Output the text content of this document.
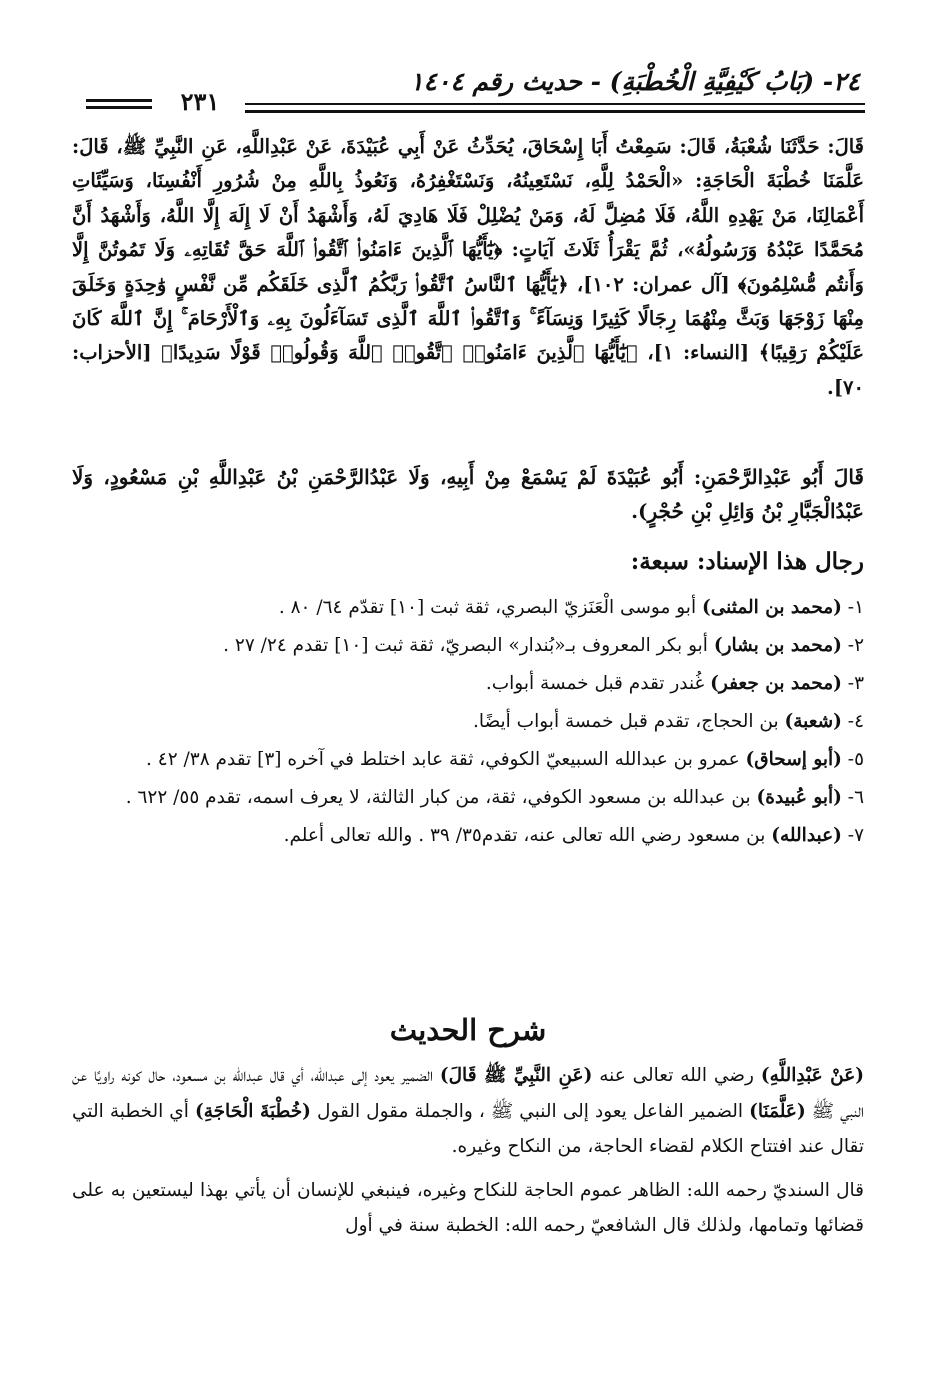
٢٤- (بَابُ كَيْفِيَّةِ الْخُطْبَةِ) - حديث رقم ١٤٠٤
٢٣١
قَالَ: حَدَّثَنَا شُعْبَةُ، قَالَ: سَمِعْتُ أَبَا إِسْحَاقَ، يُحَدِّثُ عَنْ أَبِي عُبَيْدَةَ، عَنْ عَبْدِاللَّهِ، عَنِ النَّبِيِّ ﷺ، قَالَ: عَلَّمَنَا خُطْبَةَ الْحَاجَةِ: «الْحَمْدُ لِلَّهِ، نَسْتَعِينُهُ، وَنَسْتَغْفِرُهُ، وَنَعُوذُ بِاللَّهِ مِنْ شُرُورِ أَنْفُسِنَا، وَسَيِّئَاتِ أَعْمَالِنَا، مَنْ يَهْدِهِ اللَّهُ، فَلَا مُضِلَّ لَهُ، وَمَنْ يُضْلِلْ فَلَا هَادِيَ لَهُ، وَأَشْهَدُ أَنْ لَا إِلَهَ إِلَّا اللَّهُ، وَأَشْهَدُ أَنَّ مُحَمَّدًا عَبْدُهُ وَرَسُولُهُ»، ثُمَّ يَقْرَأُ ثَلَاثَ آيَاتٍ: ﴿يَٰٓأَيُّهَا ٱلَّذِينَ ءَامَنُوا۟ ٱتَّقُوا۟ ٱللَّهَ حَقَّ تُقَاتِهِۦ وَلَا تَمُوتُنَّ إِلَّا وَأَنتُم مُّسْلِمُونَ﴾ [آل عمران: ١٠٢]، ﴿يَٰٓأَيُّهَا ٱلنَّاسُ ٱتَّقُوا۟ رَبَّكُمُ ٱلَّذِى خَلَقَكُم مِّن نَّفْسٍ وَٰحِدَةٍ وَخَلَقَ مِنْهَا زَوْجَهَا وَبَثَّ مِنْهُمَا رِجَالًا كَثِيرًا وَنِسَآءً ۚ وَٱتَّقُوا۟ ٱللَّهَ ٱلَّذِى تَسَآءَلُونَ بِهِۦ وَٱلْأَرْحَامَ ۚ إِنَّ ٱللَّهَ كَانَ عَلَيْكُمْ رَقِيبًا﴾ [النساء: ١]، ﴿يَٰٓأَيُّهَا ٱلَّذِينَ ءَامَنُوا۟ ٱتَّقُوا۟ ٱللَّهَ وَقُولُوا۟ قَوْلًا سَدِيدًا﴾ [الأحزاب: ٧٠].
قَالَ أَبُو عَبْدِالرَّحْمَنِ: أَبُو عُبَيْدَةَ لَمْ يَسْمَعْ مِنْ أَبِيهِ، وَلَا عَبْدُالرَّحْمَنِ بْنُ عَبْدِاللَّهِ بْنِ مَسْعُودٍ، وَلَا عَبْدُالْجَبَّارِ بْنُ وَائِلِ بْنِ حُجْرٍ).
رجال هذا الإسناد: سبعة:
١- (محمد بن المثنى) أبو موسى الْعَنَزيّ البصري، ثقة ثبت [١٠] تقدّم ٦٤/ ٨٠ .
٢- (محمد بن بشار) أبو بكر المعروف بـ«بُندار» البصريّ، ثقة ثبت [١٠] تقدم ٢٤/ ٢٧ .
٣- (محمد بن جعفر) غُندر تقدم قبل خمسة أبواب.
٤- (شعبة) بن الحجاج، تقدم قبل خمسة أبواب أيضًا.
٥- (أبو إسحاق) عمرو بن عبدالله السبيعيّ الكوفي، ثقة عابد اختلط في آخره [٣] تقدم ٣٨/ ٤٢ .
٦- (أبو عُبيدة) بن عبدالله بن مسعود الكوفي، ثقة، من كبار الثالثة، لا يعرف اسمه، تقدم ٥٥/ ٦٢٢ .
٧- (عبدالله) بن مسعود رضي الله تعالى عنه، تقدم٣٥/ ٣٩ . والله تعالى أعلم.
شرح الحديث
(عَنْ عَبْدِاللَّهِ) رضي الله تعالى عنه (عَنِ النَّبِيِّ ﷺ قَالَ) الضمير يعود إلى عبدالله، أي قال عبدالله بن مسعود، حال كونه راويًا عن النبي ﷺ (عَلَّمَنَا) الضمير الفاعل يعود إلى النبي ﷺ ، والجملة مقول القول (خُطْبَةَ الْحَاجَةِ) أي الخطبة التي تقال عند افتتاح الكلام لقضاء الحاجة، من النكاح وغيره.
قال السنديّ رحمه الله: الظاهر عموم الحاجة للنكاح وغيره، فينبغي للإنسان أن يأتي بهذا ليستعين به على قضائها وتمامها، ولذلك قال الشافعيّ رحمه الله: الخطبة سنة في أول
